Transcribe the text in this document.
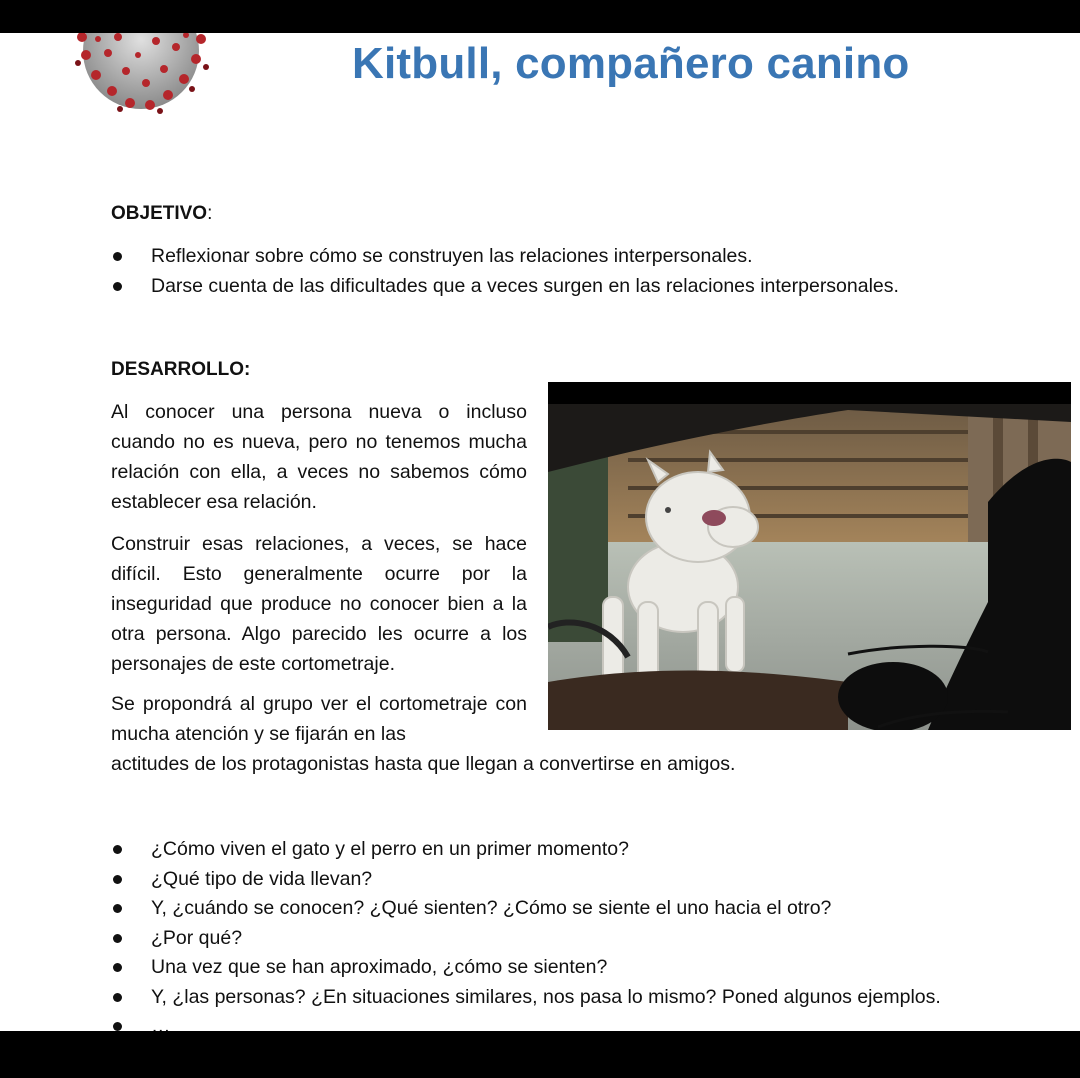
Kitbull, compañero canino

OBJETIVO:

Reflexionar sobre cómo se construyen las relaciones interpersonales.
Darse cuenta de las dificultades que a veces surgen en las relaciones interpersonales.

DESARROLLO:

Al conocer una persona nueva o incluso cuando no es nueva, pero no tenemos mucha relación con ella, a veces no sabemos cómo establecer esa relación.

Construir esas relaciones, a veces, se hace difícil. Esto generalmente ocurre por la inseguridad que produce no conocer bien a la otra persona. Algo parecido les ocurre a los personajes de este cortometraje.

Se propondrá al grupo ver el cortometraje con mucha atención y se fijarán en las

actitudes de los protagonistas hasta que llegan a convertirse en amigos.

¿Cómo viven el gato y el perro en un primer momento?
¿Qué tipo de vida llevan?
Y, ¿cuándo se conocen? ¿Qué sienten? ¿Cómo se siente el uno hacia el otro?
¿Por qué?
Una vez que se han aproximado, ¿cómo se sienten?
Y, ¿las personas? ¿En situaciones similares, nos pasa lo mismo? Poned algunos ejemplos.
…
